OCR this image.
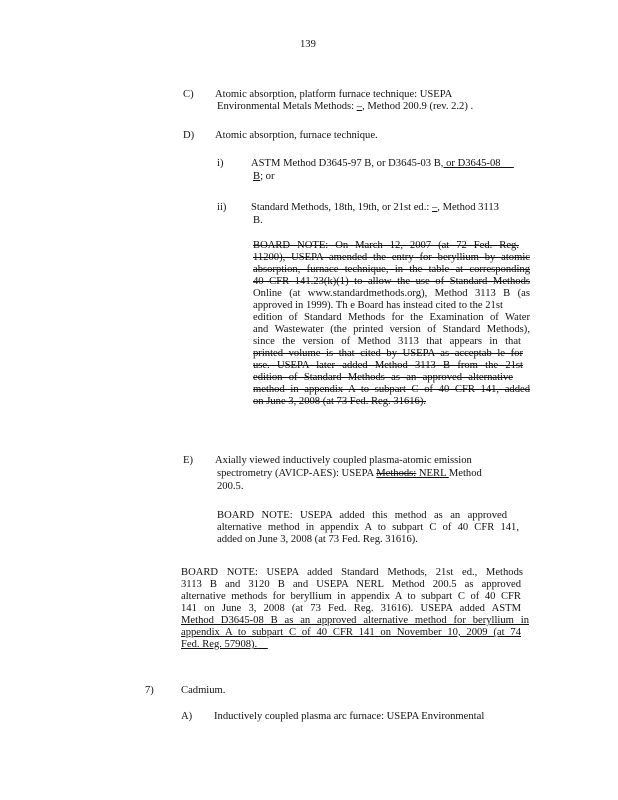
139
C) Atomic absorption, platform furnace technique: USEPA
Environmental Metals Methods: –, Method 200.9 (rev. 2.2) .
D) Atomic absorption, furnace technique.
i)	ASTM Method D3645-97 B, or D3645-03 B, or D3645-08
B; or
ii) Standard Methods, 18th, 19th, or 21st ed.: –, Method 3113
B.
BOARD NOTE: On March 12, 2007 (at 72 Fed. Reg.
11200), USEPA amended the entry for beryllium by atomic
absorption, furnace technique, in the table at corresponding
40 CFR 141.23(k)(1) to allow the use of Standard Methods
Online (at www.standardmethods.org), Method 3113 B (as
approved in 1999). Th e Board has instead cited to the 21st
edition of Standard Methods for the Examination of Water
and Wastewater (the printed version of Standard Methods),
since the version of Method 3113 that appears in that
printed volume is that cited by USEPA as acceptab le for
use. USEPA later added Method 3113 B from the 21st
edition of Standard Methods as an approved alternative
method in appendix A to subpart C of 40 CFR 141, added
on June 3, 2008 (at 73 Fed. Reg. 31616).
E) Axially viewed inductively coupled plasma-atomic emission
spectrometry (AVICP-AES): USEPA Methods: NERL Method
200.5.
BOARD NOTE: USEPA added this method as an approved
alternative method in appendix A to subpart C of 40 CFR 141,
added on June 3, 2008 (at 73 Fed. Reg. 31616).
BOARD NOTE: USEPA added Standard Methods, 21st ed., Methods
3113 B and 3120 B and USEPA NERL Method 200.5 as approved
alternative methods for beryllium in appendix A to subpart C of 40 CFR
141 on June 3, 2008 (at 73 Fed. Reg. 31616). USEPA added ASTM
Method D3645-08 B as an approved alternative method for beryllium in
appendix A to subpart C of 40 CFR 141 on November 10, 2009 (at 74
Fed. Reg. 57908).
7)	Cadmium.
A) Inductively coupled plasma arc furnace: USEPA Environmental
